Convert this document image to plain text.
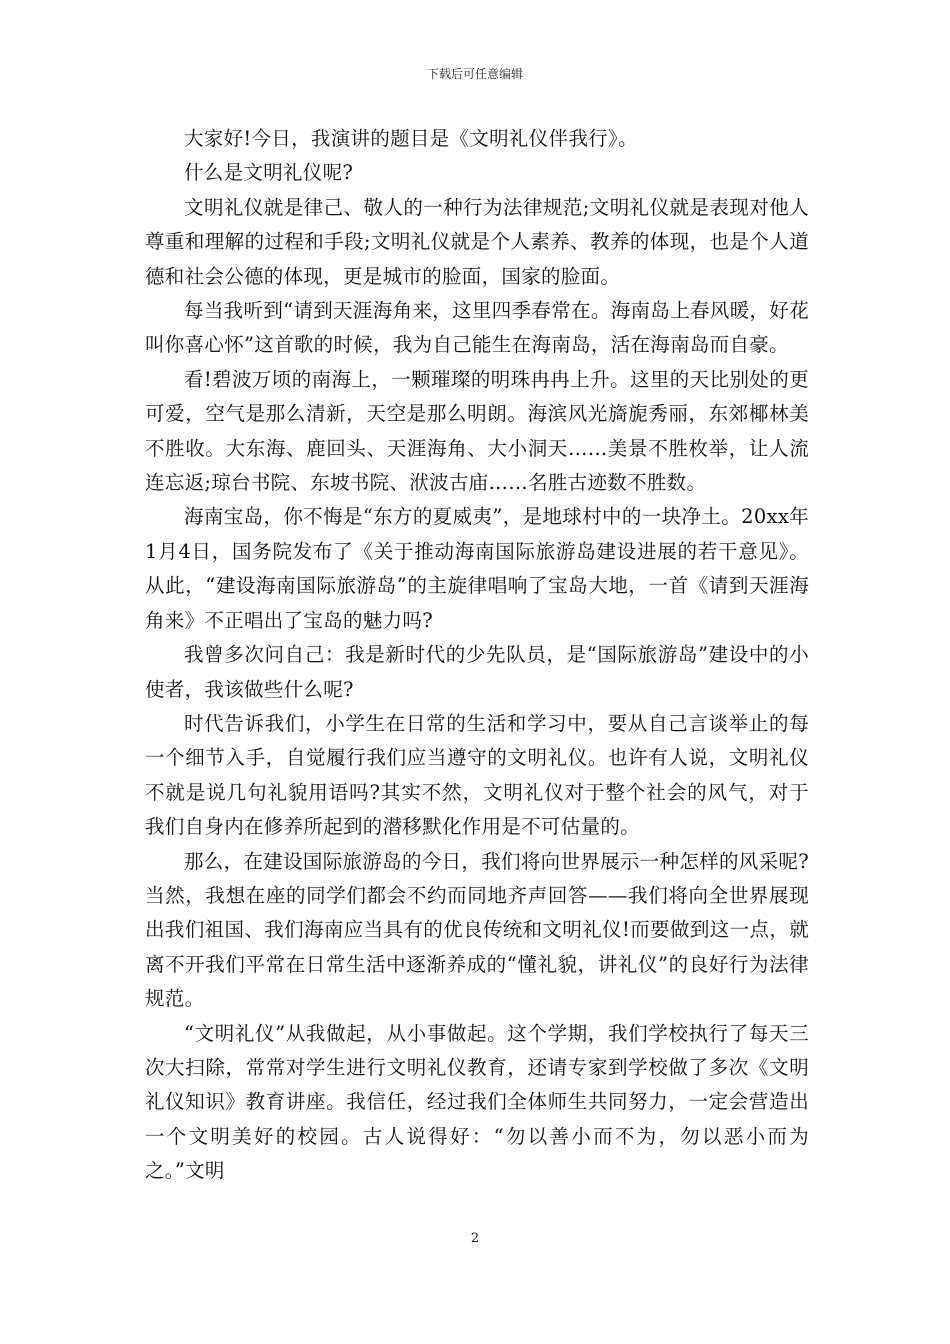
下载后可任意编辑

大家好!今日，我演讲的题目是《文明礼仪伴我行》。

什么是文明礼仪呢?

文明礼仪就是律己、敬人的一种行为法律规范;文明礼仪就是表现对他人尊重和理解的过程和手段;文明礼仪就是个人素养、教养的体现，也是个人道德和社会公德的体现，更是城市的脸面，国家的脸面。

每当我听到“请到天涯海角来，这里四季春常在。海南岛上春风暖，好花叫你喜心怀”这首歌的时候，我为自己能生在海南岛，活在海南岛而自豪。

看!碧波万顷的南海上，一颗璀璨的明珠冉冉上升。这里的天比别处的更可爱，空气是那么清新，天空是那么明朗。海滨风光旖旎秀丽，东郊椰林美不胜收。大东海、鹿回头、天涯海角、大小洞天……美景不胜枚举，让人流连忘返;琼台书院、东坡书院、洑波古庙……名胜古迹数不胜数。

海南宝岛，你不悔是“东方的夏威夷”，是地球村中的一块净土。20xx年1月4日，国务院发布了《关于推动海南国际旅游岛建设进展的若干意见》。从此，“建设海南国际旅游岛”的主旋律唱响了宝岛大地，一首《请到天涯海角来》不正唱出了宝岛的魅力吗?

我曾多次问自己：我是新时代的少先队员，是“国际旅游岛”建设中的小使者，我该做些什么呢?

时代告诉我们，小学生在日常的生活和学习中，要从自己言谈举止的每一个细节入手，自觉履行我们应当遵守的文明礼仪。也许有人说，文明礼仪不就是说几句礼貌用语吗?其实不然，文明礼仪对于整个社会的风气，对于我们自身内在修养所起到的潜移默化作用是不可估量的。

那么，在建设国际旅游岛的今日，我们将向世界展示一种怎样的风采呢?当然，我想在座的同学们都会不约而同地齐声回答——我们将向全世界展现出我们祖国、我们海南应当具有的优良传统和文明礼仪!而要做到这一点，就离不开我们平常在日常生活中逐渐养成的“懂礼貌，讲礼仪”的良好行为法律规范。

“文明礼仪”从我做起，从小事做起。这个学期，我们学校执行了每天三次大扫除，常常对学生进行文明礼仪教育，还请专家到学校做了多次《文明礼仪知识》教育讲座。我信任，经过我们全体师生共同努力，一定会营造出一个文明美好的校园。古人说得好：“勿以善小而不为，勿以恶小而为之。”文明

2
